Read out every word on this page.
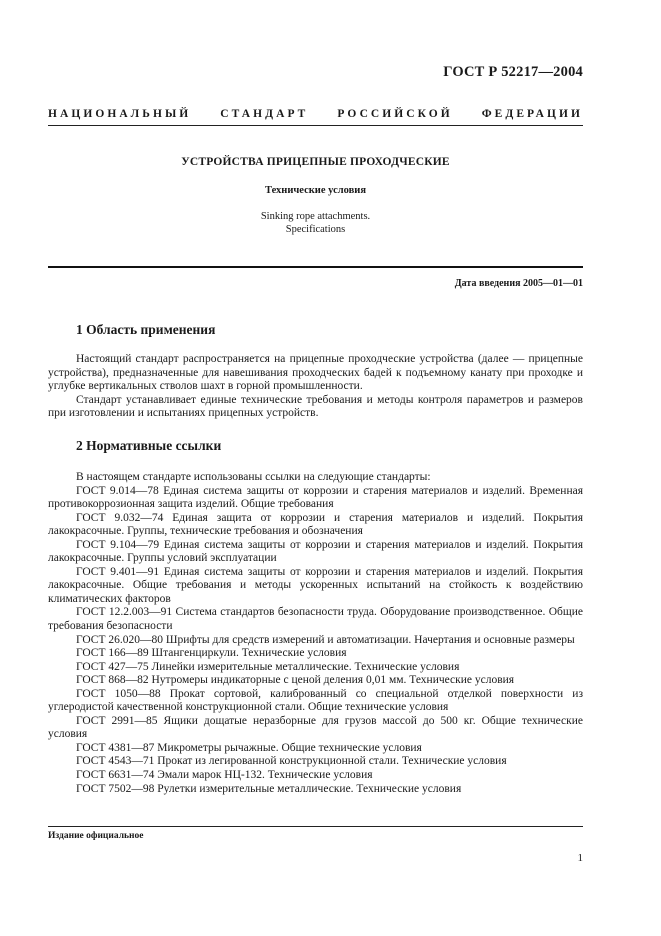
ГОСТ Р 52217—2004
НАЦИОНАЛЬНЫЙ СТАНДАРТ РОССИЙСКОЙ ФЕДЕРАЦИИ
УСТРОЙСТВА ПРИЦЕПНЫЕ ПРОХОДЧЕСКИЕ
Технические условия
Sinking rope attachments.
Specifications
Дата введения 2005—01—01
1 Область применения

Настоящий стандарт распространяется на прицепные проходческие устройства (далее — прицепные устройства), предназначенные для навешивания проходческих бадей к подъемному канату при проходке и углубке вертикальных стволов шахт в горной промышленности.

Стандарт устанавливает единые технические требования и методы контроля параметров и размеров при изготовлении и испытаниях прицепных устройств.

2 Нормативные ссылки

В настоящем стандарте использованы ссылки на следующие стандарты:

ГОСТ 9.014—78 Единая система защиты от коррозии и старения материалов и изделий. Временная противокоррозионная защита изделий. Общие требования

ГОСТ 9.032—74 Единая защита от коррозии и старения материалов и изделий. Покрытия лакокрасочные. Группы, технические требования и обозначения

ГОСТ 9.104—79 Единая система защиты от коррозии и старения материалов и изделий. Покрытия лакокрасочные. Группы условий эксплуатации

ГОСТ 9.401—91 Единая система защиты от коррозии и старения материалов и изделий. Покрытия лакокрасочные. Общие требования и методы ускоренных испытаний на стойкость к воздействию климатических факторов

ГОСТ 12.2.003—91 Система стандартов безопасности труда. Оборудование производственное. Общие требования безопасности

ГОСТ 26.020—80 Шрифты для средств измерений и автоматизации. Начертания и основные размеры

ГОСТ 166—89 Штангенциркули. Технические условия

ГОСТ 427—75 Линейки измерительные металлические. Технические условия

ГОСТ 868—82 Нутромеры индикаторные с ценой деления 0,01 мм. Технические условия

ГОСТ 1050—88 Прокат сортовой, калиброванный со специальной отделкой поверхности из углеродистой качественной конструкционной стали. Общие технические условия

ГОСТ 2991—85 Ящики дощатые неразборные для грузов массой до 500 кг. Общие технические условия

ГОСТ 4381—87 Микрометры рычажные. Общие технические условия

ГОСТ 4543—71 Прокат из легированной конструкционной стали. Технические условия

ГОСТ 6631—74 Эмали марок НЦ-132. Технические условия

ГОСТ 7502—98 Рулетки измерительные металлические. Технические условия

Издание официальное
1
